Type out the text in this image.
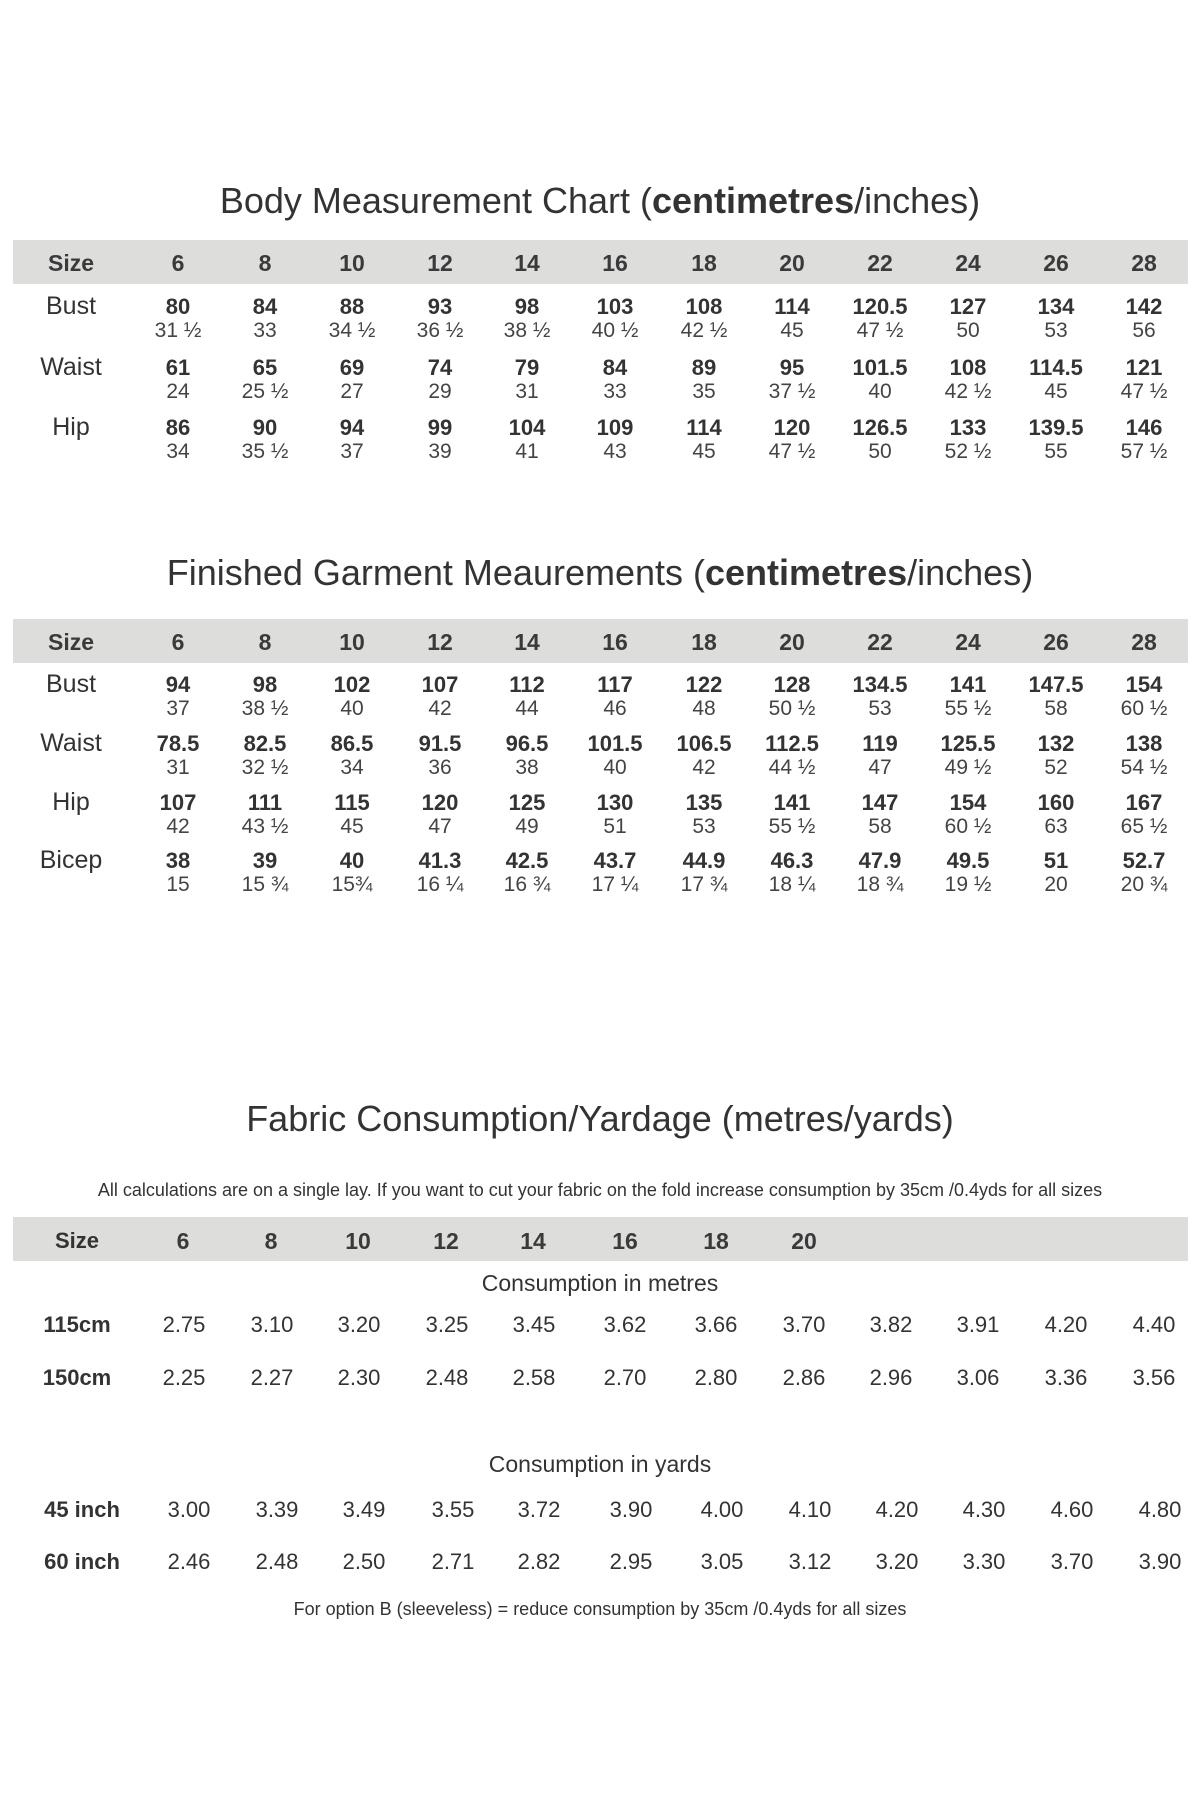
Body Measurement Chart (centimetres/inches)
Size	6	8	10	12	14	16	18	20	22	24	26	28
Bust	80	84	88	93	98	103	108	114	120.5	127	134	142
31 ½	33	34 ½	36 ½	38 ½	40 ½	42 ½	45	47 ½	50	53	56
Waist	61	65	69	74	79	84	89	95	101.5	108	114.5	121
24	25 ½	27	29	31	33	35	37 ½	40	42 ½	45	47 ½
Hip	86	90	94	99	104	109	114	120	126.5	133	139.5	146
34	35 ½	37	39	41	43	45	47 ½	50	52 ½	55	57 ½
Finished Garment Meaurements (centimetres/inches)
Size	6	8	10	12	14	16	18	20	22	24	26	28
Bust	94	98	102	107	112	117	122	128	134.5	141	147.5	154
37	38 ½	40	42	44	46	48	50 ½	53	55 ½	58	60 ½
Waist	78.5	82.5	86.5	91.5	96.5	101.5	106.5	112.5	119	125.5	132	138
31	32 ½	34	36	38	40	42	44 ½	47	49 ½	52	54 ½
Hip	107	111	115	120	125	130	135	141	147	154	160	167
42	43 ½	45	47	49	51	53	55 ½	58	60 ½	63	65 ½
Bicep	38	39	40	41.3	42.5	43.7	44.9	46.3	47.9	49.5	51	52.7
15	15 ¾	15¾	16 ¼	16 ¾	17 ¼	17 ¾	18 ¼	18 ¾	19 ½	20	20 ¾
Fabric Consumption/Yardage (metres/yards)
All calculations are on a single lay. If you want to cut your fabric on the fold increase consumption by 35cm /0.4yds for all sizes
Consumption in metres
Consumption in yards
Size	6	8	10	12	14	16	18	20
115cm	2.75	3.10	3.20	3.25	3.45	3.62	3.66	3.70	3.82	3.91	4.20	4.40
150cm	2.25	2.27	2.30	2.48	2.58	2.70	2.80	2.86	2.96	3.06	3.36	3.56
45 inch	3.00	3.39	3.49	3.55	3.72	3.90	4.00	4.10	4.20	4.30	4.60	4.80
60 inch	2.46	2.48	2.50	2.71	2.82	2.95	3.05	3.12	3.20	3.30	3.70	3.90
For option B (sleeveless) = reduce consumption by 35cm /0.4yds for all sizes
